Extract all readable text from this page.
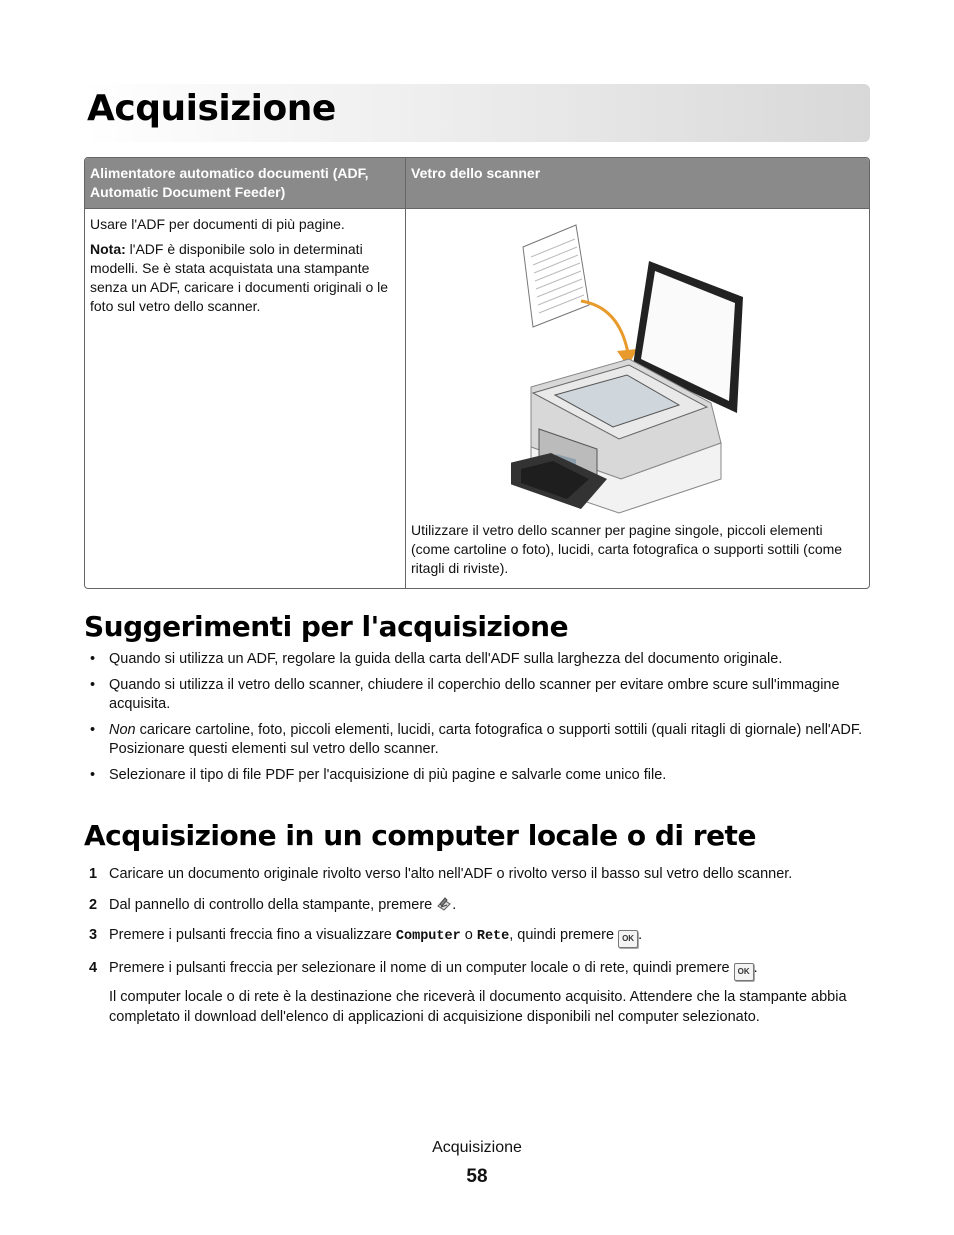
Acquisizione
Alimentatore automatico documenti (ADF, Automatic Document Feeder)	Vetro dello scanner

Usare l'ADF per documenti di più pagine.

Nota: l'ADF è disponibile solo in determinati modelli. Se è stata acquistata una stampante senza un ADF, caricare i documenti originali o le foto sul vetro dello scanner.	Utilizzare il vetro dello scanner per pagine singole, piccoli elementi (come cartoline o foto), lucidi, carta fotografica o supporti sottili (come ritagli di riviste).

Suggerimenti per l'acquisizione
• Quando si utilizza un ADF, regolare la guida della carta dell'ADF sulla larghezza del documento originale.
• Quando si utilizza il vetro dello scanner, chiudere il coperchio dello scanner per evitare ombre scure sull'immagine acquisita.
• Non caricare cartoline, foto, piccoli elementi, lucidi, carta fotografica o supporti sottili (quali ritagli di giornale) nell'ADF. Posizionare questi elementi sul vetro dello scanner.
• Selezionare il tipo di file PDF per l'acquisizione di più pagine e salvarle come unico file.
Acquisizione in un computer locale o di rete
1 Caricare un documento originale rivolto verso l'alto nell'ADF o rivolto verso il basso sul vetro dello scanner.
2 Dal pannello di controllo della stampante, premere .
3 Premere i pulsanti freccia fino a visualizzare Computer o Rete, quindi premere OK .
4 Premere i pulsanti freccia per selezionare il nome di un computer locale o di rete, quindi premere OK .
Il computer locale o di rete è la destinazione che riceverà il documento acquisito. Attendere che la stampante abbia completato il download dell'elenco di applicazioni di acquisizione disponibili nel computer selezionato.
Acquisizione
58
